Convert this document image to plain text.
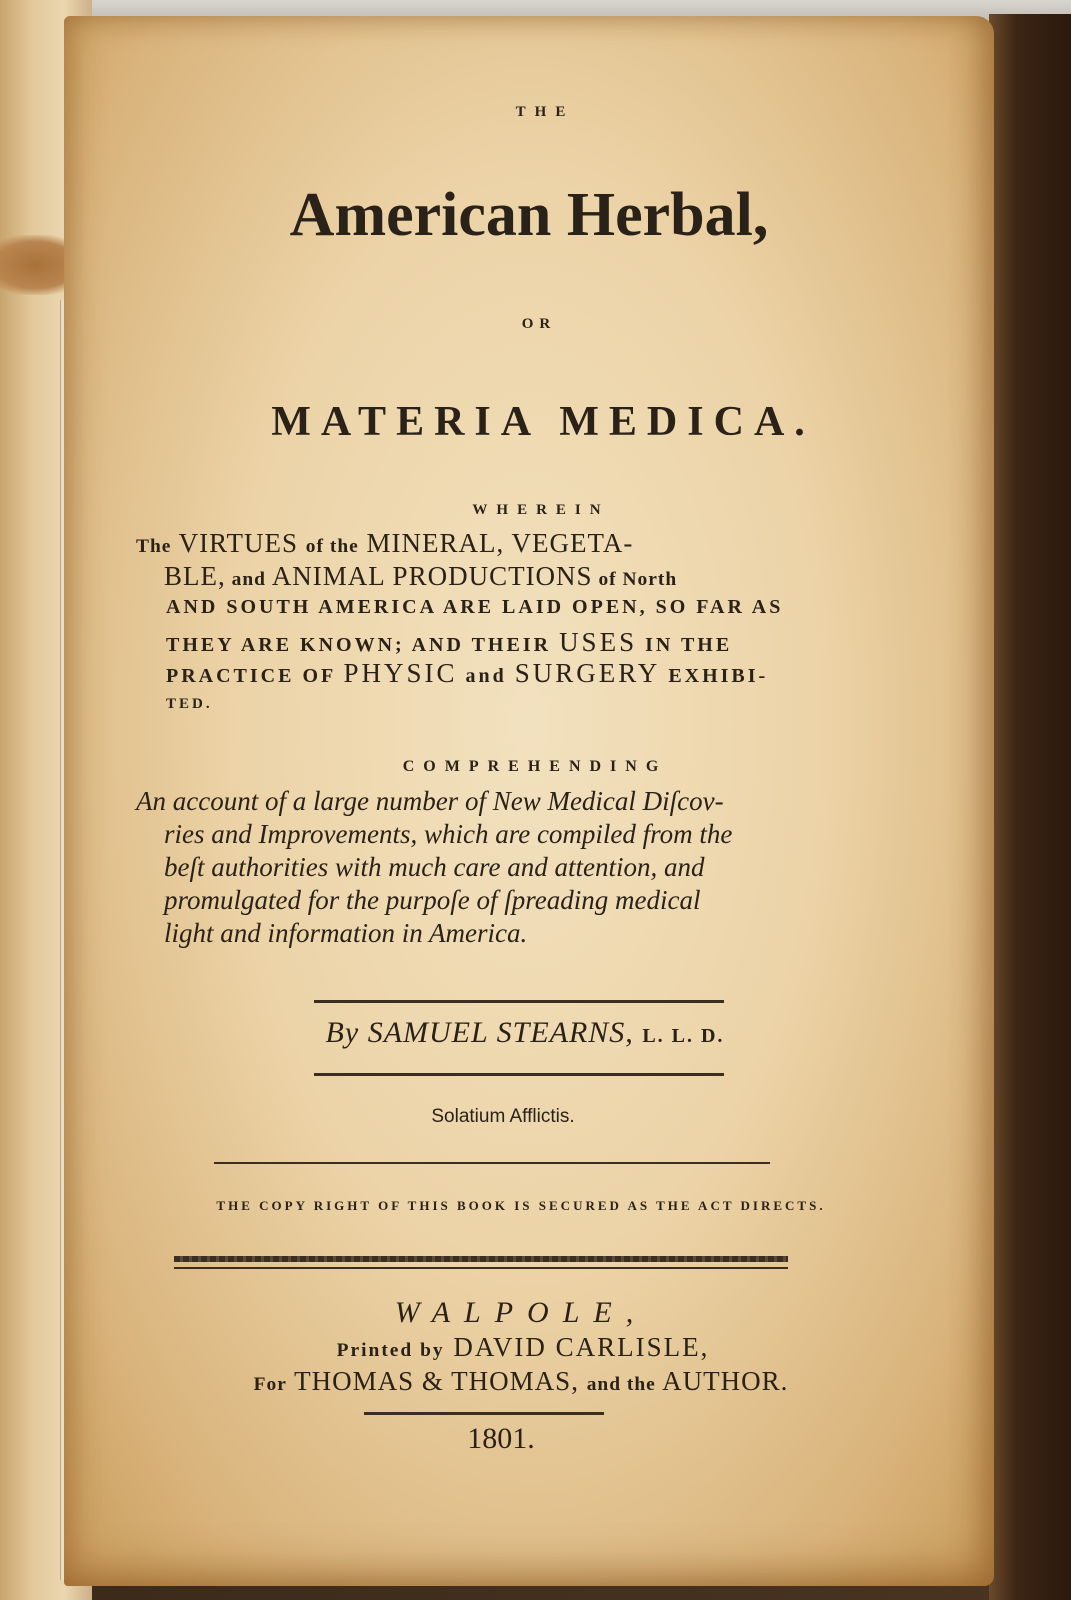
THE
American Herbal,
OR
MATERIA MEDICA.
WHEREIN
The VIRTUES of the MINERAL, VEGETA-
BLE, and ANIMAL PRODUCTIONS of North
AND SOUTH AMERICA ARE LAID OPEN, SO FAR AS
THEY ARE KNOWN; AND THEIR USES IN THE
PRACTICE OF PHYSIC and SURGERY EXHIBI-
TED.
COMPREHENDING
An account of a large number of New Medical Diſcov-
ries and Improvements, which are compiled from the
beſt authorities with much care and attention, and
promulgated for the purpoſe of ſpreading medical
light and information in America.
By SAMUEL STEARNS, L. L. D.
Solatium Afflictis.
THE COPY RIGHT OF THIS BOOK IS SECURED AS THE ACT DIRECTS.
WALPOLE,
Printed by DAVID CARLISLE,
For THOMAS & THOMAS, and the AUTHOR.
1801.
